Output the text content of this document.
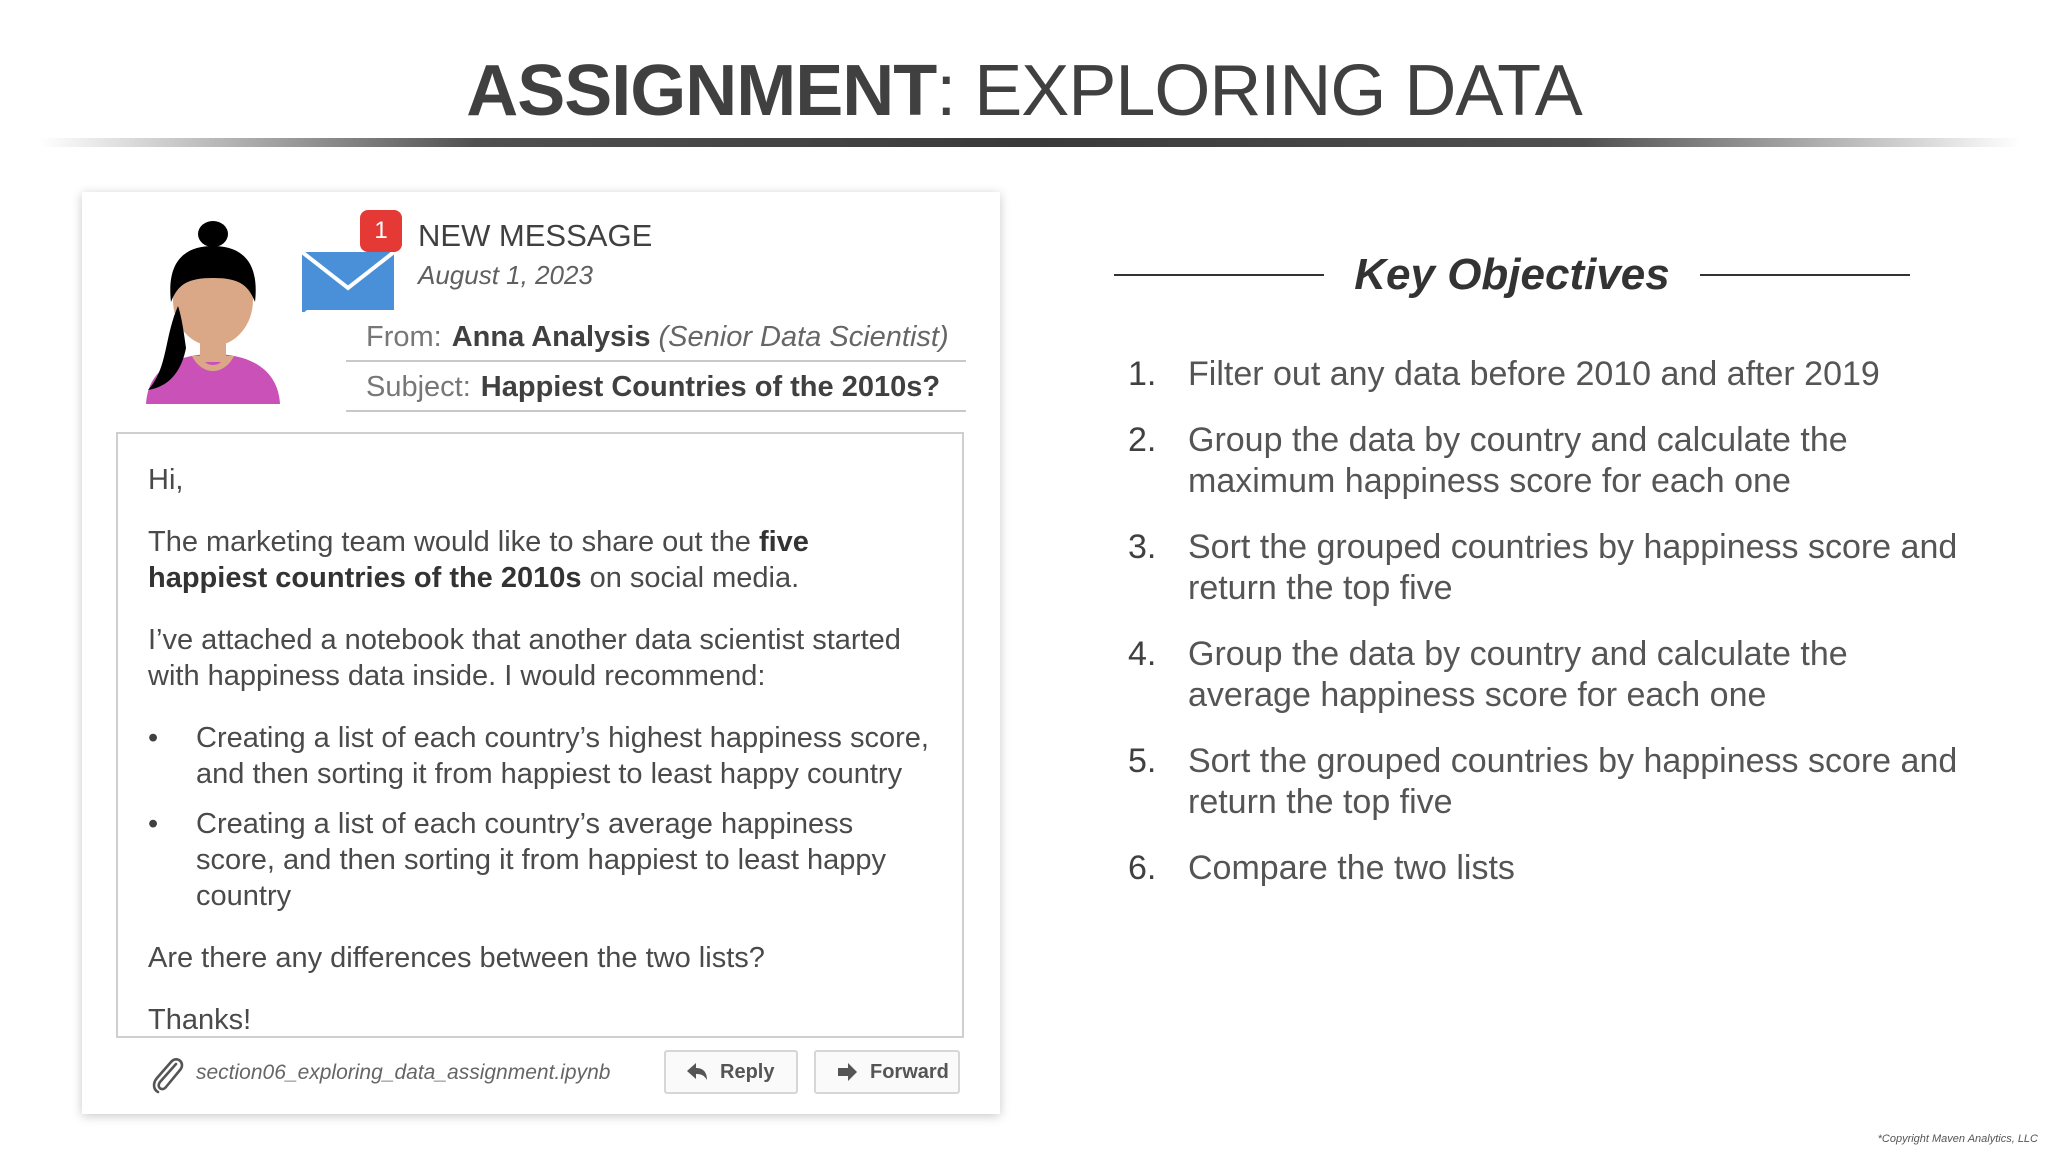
ASSIGNMENT: EXPLORING DATA
1 NEW MESSAGE
August 1, 2023
From: Anna Analysis (Senior Data Scientist)
Subject: Happiest Countries of the 2010s?

Hi,

The marketing team would like to share out the five happiest countries of the 2010s on social media.

I’ve attached a notebook that another data scientist started with happiness data inside. I would recommend:

• Creating a list of each country’s highest happiness score, and then sorting it from happiest to least happy country
• Creating a list of each country’s average happiness score, and then sorting it from happiest to least happy country

Are there any differences between the two lists?

Thanks!

section06_exploring_data_assignment.ipynb	Reply	Forward
Key Objectives
1. Filter out any data before 2010 and after 2019
2. Group the data by country and calculate the maximum happiness score for each one
3. Sort the grouped countries by happiness score and return the top five
4. Group the data by country and calculate the average happiness score for each one
5. Sort the grouped countries by happiness score and return the top five
6. Compare the two lists
*Copyright Maven Analytics, LLC
